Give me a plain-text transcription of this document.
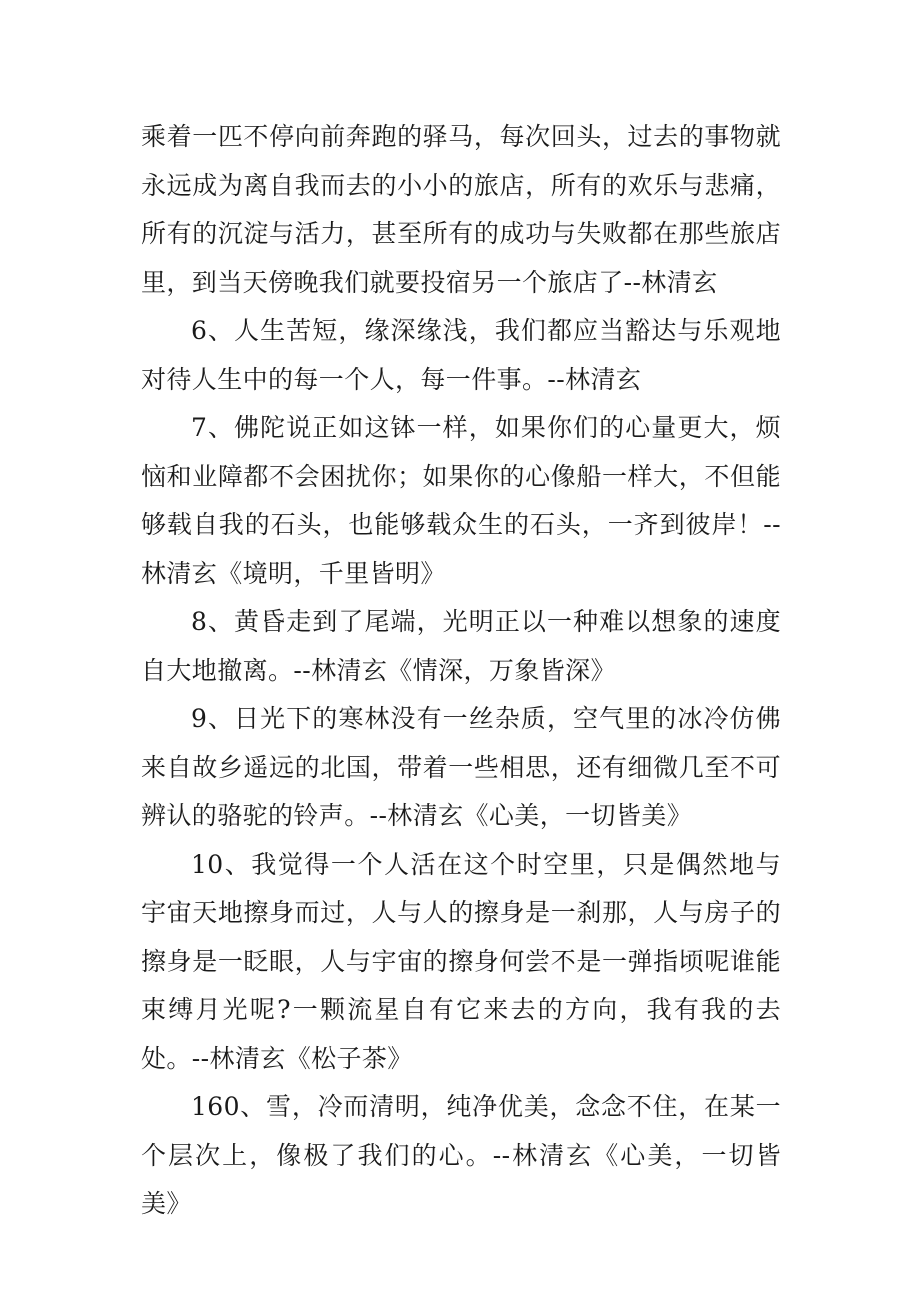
乘着一匹不停向前奔跑的驿马，每次回头，过去的事物就永远成为离自我而去的小小的旅店，所有的欢乐与悲痛，所有的沉淀与活力，甚至所有的成功与失败都在那些旅店里，到当天傍晚我们就要投宿另一个旅店了--林清玄

6、人生苦短，缘深缘浅，我们都应当豁达与乐观地对待人生中的每一个人，每一件事。--林清玄

7、佛陀说正如这钵一样，如果你们的心量更大，烦恼和业障都不会困扰你；如果你的心像船一样大，不但能够载自我的石头，也能够载众生的石头，一齐到彼岸！--林清玄《境明，千里皆明》

8、黄昏走到了尾端，光明正以一种难以想象的速度自大地撤离。--林清玄《情深，万象皆深》

9、日光下的寒林没有一丝杂质，空气里的冰冷仿佛来自故乡遥远的北国，带着一些相思，还有细微几至不可辨认的骆驼的铃声。--林清玄《心美，一切皆美》

10、我觉得一个人活在这个时空里，只是偶然地与宇宙天地擦身而过，人与人的擦身是一刹那，人与房子的擦身是一眨眼，人与宇宙的擦身何尝不是一弹指顷呢谁能束缚月光呢?一颗流星自有它来去的方向，我有我的去处。--林清玄《松子茶》

160、雪，冷而清明，纯净优美，念念不住，在某一个层次上，像极了我们的心。--林清玄《心美，一切皆美》
